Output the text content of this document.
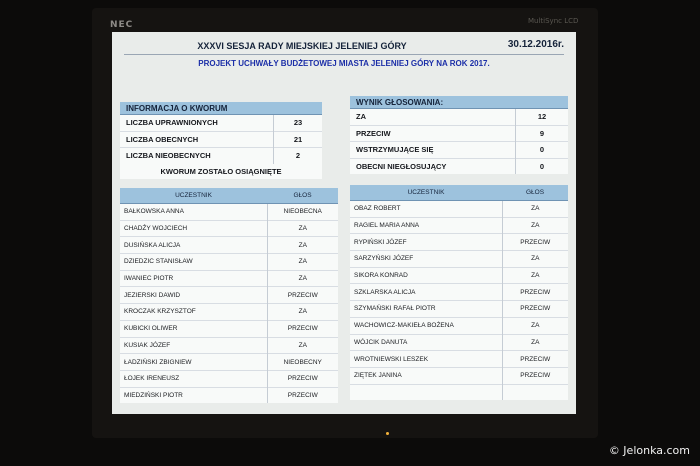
NEC	MultiSync LCD
XXXVI SESJA RADY MIEJSKIEJ JELENIEJ GÓRY	30.12.2016r.
PROJEKT UCHWAŁY BUDŻETOWEJ MIASTA JELENIEJ GÓRY NA ROK 2017.
INFORMACJA O KWORUM	
LICZBA UPRAWNIONYCH	23
LICZBA OBECNYCH	21
LICZBA NIEOBECNYCH	2
KWORUM ZOSTAŁO OSIĄGNIĘTE	
WYNIK GŁOSOWANIA:	
ZA	12
PRZECIW	9
WSTRZYMUJĄCE SIĘ	0
OBECNI NIEGŁOSUJĄCY	0
UCZESTNIK	GŁOS
BAŁKOWSKA ANNA	NIEOBECNA
CHADŹY WOJCIECH	ZA
DUSIŃSKA ALICJA	ZA
DZIEDZIC STANISŁAW	ZA
IWANIEC PIOTR	ZA
JEZIERSKI DAWID	PRZECIW
KROCZAK KRZYSZTOF	ZA
KUBICKI OLIWER	PRZECIW
KUSIAK JÓZEF	ZA
ŁADZIŃSKI ZBIGNIEW	NIEOBECNY
ŁOJEK IRENEUSZ	PRZECIW
MIEDZIŃSKI PIOTR	PRZECIW
UCZESTNIK	GŁOS
OBAZ ROBERT	ZA
RAGIEL MARIA ANNA	ZA
RYPIŃSKI JÓZEF	PRZECIW
SARZYŃSKI JÓZEF	ZA
SIKORA KONRAD	ZA
SZKLARSKA ALICJA	PRZECIW
SZYMAŃSKI RAFAŁ PIOTR	PRZECIW
WACHOWICZ-MAKIEŁA BOŻENA	ZA
WÓJCIK DANUTA	ZA
WROTNIEWSKI LESZEK	PRZECIW
ZIĘTEK JANINA	PRZECIW

© Jelonka.com
